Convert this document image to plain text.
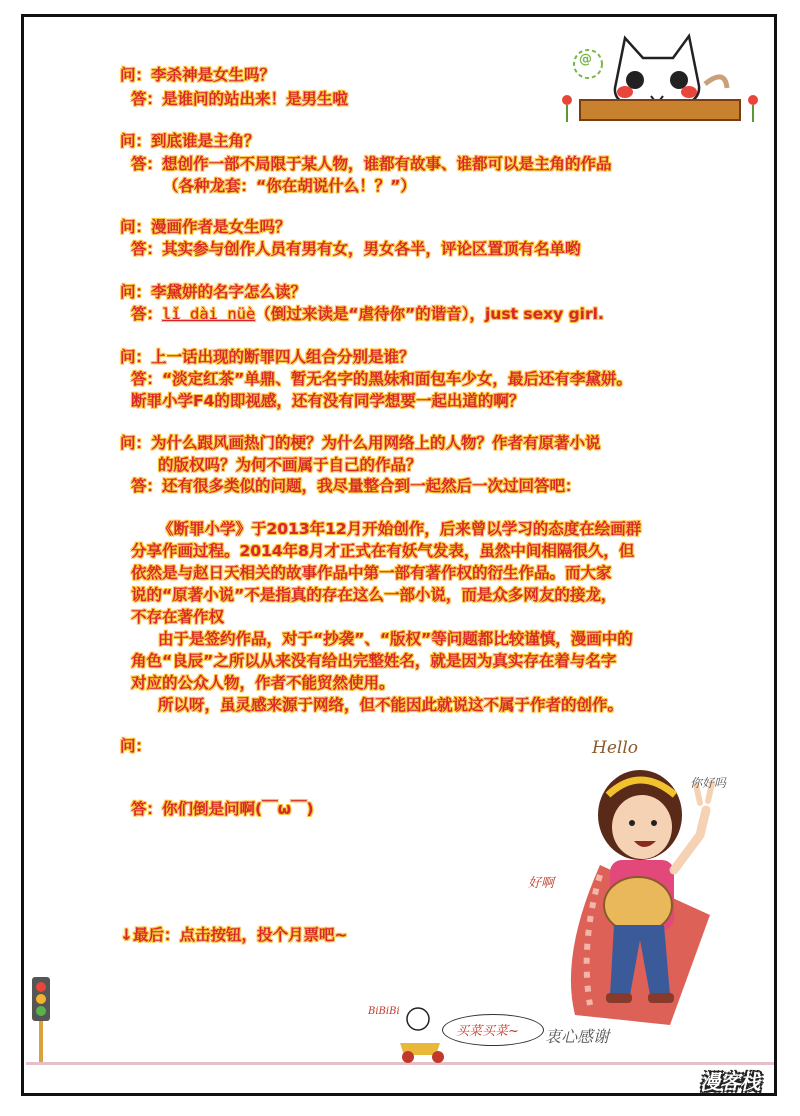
问：李杀神是女生吗？
答：是谁问的站出来！是男生啦
问：到底谁是主角？
答：想创作一部不局限于某人物，谁都有故事、谁都可以是主角的作品
（各种龙套：“你在胡说什么！？”）
问：漫画作者是女生吗？
答：其实参与创作人员有男有女，男女各半，评论区置顶有名单哟
问：李黛姘的名字怎么读？
答：lǐ dài nüè（倒过来读是“虐待你”的谐音），just sexy girl.
问：上一话出现的断罪四人组合分别是谁？
答：“淡定红茶”单鼎、暂无名字的黑妹和面包车少女，最后还有李黛姘。
断罪小学F4的即视感，还有没有同学想要一起出道的啊？
问：为什么跟风画热门的梗？为什么用网络上的人物？作者有原著小说
的版权吗？为何不画属于自己的作品？
答：还有很多类似的问题，我尽量整合到一起然后一次过回答吧：
《断罪小学》于2013年12月开始创作，后来曾以学习的态度在绘画群
分享作画过程。2014年8月才正式在有妖气发表，虽然中间相隔很久，但
依然是与赵日天相关的故事作品中第一部有著作权的衍生作品。而大家
说的“原著小说”不是指真的存在这么一部小说，而是众多网友的接龙，
不存在著作权
由于是签约作品，对于“抄袭”、“版权”等问题都比较谨慎，漫画中的
角色“良辰”之所以从来没有给出完整姓名，就是因为真实存在着与名字
对应的公众人物，作者不能贸然使用。
所以呀，虽灵感来源于网络，但不能因此就说这不属于作者的创作。
问：
答：你们倒是问啊(￣ω￣)
↓最后：点击按钮，投个月票吧~
@
Hello
你好吗
好啊
BiBiBi
买菜买菜~ 衷心感谢
漫客栈
